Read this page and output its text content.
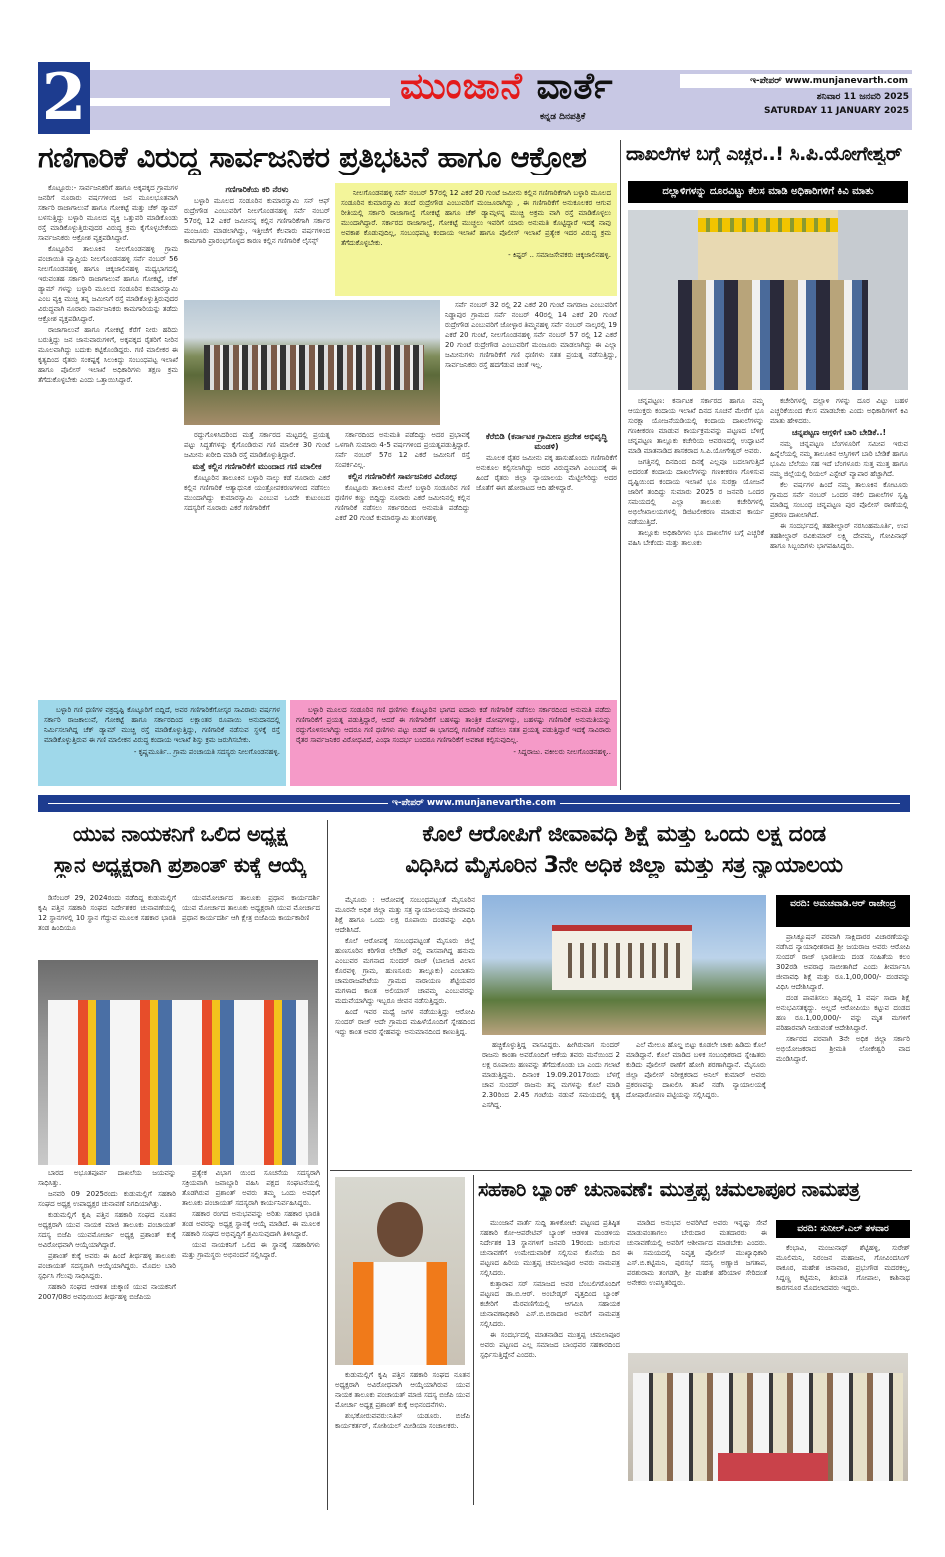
2	ಮುಂಜಾನೆ ವಾರ್ತೆ
ಕನ್ನಡ ದಿನಪತ್ರಿಕೆ
ಇ-ಪೇಪರ್ www.munjanevarth.com
ಶನಿವಾರ 11 ಜನವರಿ 2025
SATURDAY 11 JANUARY 2025
ಗಣಿಗಾರಿಕೆ ವಿರುದ್ಧ ಸಾರ್ವಜನಿಕರ ಪ್ರತಿಭಟನೆ ಹಾಗೂ ಆಕ್ರೋಶ

ಕೊಟ್ಟೂರು:- ಸಾರ್ವಜನಿಕರಿಗೆ ಹಾಗೂ ಅಕ್ಕಪಕ್ಕದ ಗ್ರಾಮಗಳ ಜನರಿಗೆ ನೂರಾರು ವರ್ಷಗಳಿಂದ ಜನ ಮೂಲಭೂತವಾಗಿ ಸರ್ಕಾರಿ ರಾಜಾಗಾಲುವೆ ಹಾಗೂ ಗೋಕಟ್ಟೆ ಮತ್ತು ಚೆಕ್ ಡ್ಯಾಮ್ ಬಳಸುತ್ತಿದ್ದು ಬಳ್ಳಾರಿ ಮೂಲದ ವ್ಯಕ್ತಿ ಒತ್ತುವರಿ ಮಾಡಿಕೊಂಡು ರಸ್ತೆ ಮಾಡಿಕೊಳ್ಳುತ್ತಿರುವುದರ ವಿರುದ್ಧ ಕ್ರಮ ಕೈಗೊಳ್ಳಬೇಕೆಂದು ಸಾರ್ವಜನಿಕರು ಆಕ್ರೋಶ ವ್ಯಕ್ತಪಡಿಸಿದ್ದಾರೆ.

ಕೊಟ್ಟೂರಿನ ತಾಲೂಕಿನ ನೀಲಗೊಂಡನಹಳ್ಳಿ ಗ್ರಾಮ ಪಂಚಾಯಿತಿ ವ್ಯಾಪ್ತಿಯ ನೀಲಗೊಂಡನಹಳ್ಳಿ ಸರ್ವೆ ನಂಬರ್ 56 ನೀಲಗೊಂಡನಹಳ್ಳಿ ಹಾಗೂ ಚಿಕ್ಕಜಾಲಿನಹಳ್ಳಿ ಮಧ್ಯಭಾಗದಲ್ಲಿ ಇರುವಂತಹ ಸರ್ಕಾರಿ ರಾಜಾಗಾಲುವೆ ಹಾಗೂ ಗೋಕಟ್ಟೆ, ಚೆಕ್ ಡ್ಯಾಮ್ ಗಳನ್ನು ಬಳ್ಳಾರಿ ಮೂಲದ ಸಂಡೂರಿನ ಕುಮಾರಸ್ವಾಮಿ ಎಂಬ ವ್ಯಕ್ತಿ ಮುಚ್ಚಿ ತನ್ನ ಜಮೀನಿಗೆ ರಸ್ತೆ ಮಾಡಿಕೊಳ್ಳುತ್ತಿರುವುದರ ವಿರುದ್ಧವಾಗಿ ನೂರಾರು ಸಾರ್ವಜನಿಕರು ಕಾಮಗಾರಿಯನ್ನು ತಡೆದು ಆಕ್ರೋಶ ವ್ಯಕ್ತಪಡಿಸಿದ್ದಾರೆ.

ರಾಜಾಗಾಲುವೆ ಹಾಗೂ ಗೋಕಟ್ಟೆ ಕೆರೆಗೆ ನೀರು ಹರಿದು ಬರುತ್ತಿದ್ದು ಜನ ಜಾನುವಾರುಗಳಿಗೆ, ಅಕ್ಕಪಕ್ಕದ ರೈತರಿಗೆ ನೀರಿನ ಮೂಲವಾಗಿದ್ದು ಬದುಕು ಕಟ್ಟಿಕೊಂಡಿದ್ದರು. ಗಣಿ ಮಾಲೀಕರ ಈ ಕೃತ್ಯದಿಂದ ರೈತರು ಸಂಕಷ್ಟಕ್ಕೆ ಸಿಲುಕಿದ್ದು ಸಂಬಂಧಪಟ್ಟ ಇಲಾಖೆ ಹಾಗೂ ಪೊಲೀಸ್ ಇಲಾಖೆ ಅಧಿಕಾರಿಗಳು ತಕ್ಷಣ ಕ್ರಮ ತೆಗೆದುಕೊಳ್ಳಬೇಕು ಎಂದು ಒತ್ತಾಯಿಸಿದ್ದಾರೆ.

ಗಣಿಗಾರಿಕೆಯ ಕರಿ ನೆರಳು

ಬಳ್ಳಾರಿ ಮೂಲದ ಸಂಡೂರಿನ ಕುಮಾರಸ್ವಾಮಿ ಸನ್ ಆಫ್ ರುದ್ರೇಗೌಡ ಎಂಬುವರಿಗೆ ನೀಲಗೊಂಡನಹಳ್ಳಿ ಸರ್ವೆ ನಂಬರ್ 57ರಲ್ಲಿ 12 ಎಕರೆ ಜಮೀನನ್ನ ಕಲ್ಲಿನ ಗಣಿಗಾರಿಕೆಗಾಗಿ ಸರ್ಕಾರ ಮಂಜೂರು ಮಾಡಲಾಗಿದ್ದು, ಇತ್ತೀಚೆಗೆ ಕೆಲವಾರು ವರ್ಷಗಳಿಂದ ಕಾಮಗಾರಿ ಪ್ರಾರಂಭಗೊಳ್ಳದ ಕಾರಣ ಕಲ್ಲಿನ ಗಣಿಗಾರಿಕೆ ಲೈಸನ್ಸ್

ನೀಲಗೊಂಡನಹಳ್ಳಿ ಸರ್ವೆ ನಂಬರ್ 57ರಲ್ಲಿ 12 ಎಕರೆ 20 ಗುಂಟೆ ಜಮೀನು ಕಲ್ಲಿನ ಗಣಿಗಾರಿಕೆಗಾಗಿ ಬಳ್ಳಾರಿ ಮೂಲದ ಸಂಡೂರಿನ ಕುಮಾರಸ್ವಾಮಿ ತಂದೆ ರುದ್ರೇಗೌಡ ಎಂಬುವರಿಗೆ ಮಂಜೂರಾಗಿದ್ದು , ಈ ಗಣಿಗಾರಿಕೆಗೆ ಅನುಕೂಲಕರ ಆಗುವ ರೀತಿಯಲ್ಲಿ ಸರ್ಕಾರಿ ರಾಜಾಗಾಲ್ವೆ ಗೋಕಟ್ಟೆ ಹಾಗೂ ಚೆಕ್ ಡ್ಯಾಮ್ಗಳನ್ನ ಮುಚ್ಚಿ ಅಕ್ರಮ ವಾಗಿ ರಸ್ತೆ ಮಾಡಿಕೊಳ್ಳಲು ಮುಂದಾಗಿದ್ದಾರೆ. ಸರ್ಕಾರದ ರಾಜಾಗಾಲ್ವೆ, ಗೋಕಟ್ಟೆ ಮುಚ್ಚಲು ಇವರಿಗೆ ಯಾರು ಅನುಮತಿ ಕೊಟ್ಟಿದ್ದಾರೆ ಇದಕ್ಕೆ ನಾವು ಅವಕಾಶ ಕೊಡುವುದಿಲ್ಲ, ಸಂಬಂಧಪಟ್ಟ ಕಂದಾಯ ಇಲಾಖೆ ಹಾಗೂ ಪೊಲೀಸ್ ಇಲಾಖೆ ಪ್ರತ್ಯೇಕ ಇದರ ವಿರುದ್ಧ ಕ್ರಮ ತೆಗೆದುಕೊಳ್ಳಬೇಕು.

- ಕಿಷ್ಟರ್ .. ಸಮಾಜಸೇವಕರು ಚಿಕ್ಕಜಾಲಿನಹಳ್ಳಿ.

ಸರ್ವೆ ನಂಬರ್ 32 ರಲ್ಲಿ 22 ಎಕರೆ 20 ಗುಂಟೆ ನಾಗರಾಜ ಎಂಬುವರಿಗೆ ನಿಡ್ಡಾಪುರ ಗ್ರಾಮದ ಸರ್ವೆ ನಂಬರ್ 40ರಲ್ಲಿ 14 ಎಕರೆ 20 ಗುಂಟೆ ರುದ್ರೇಗೌಡ ಎಂಬುವರಿಗೆ ಜೋಳ್ಳಾರ ತಿಮ್ಮನಹಳ್ಳಿ ಸರ್ವೆ ನಂಬರ್ ನಾಲ್ಕರಲ್ಲಿ 19 ಎಕರೆ 20 ಗುಂಟೆ, ನೀಲಗೊಂಡನಹಳ್ಳಿ ಸರ್ವೆ ನಂಬರ್ 57 ರಲ್ಲಿ 12 ಎಕರೆ 20 ಗುಂಟೆ ರುದ್ರೇಗೌಡ ಎಂಬುವರಿಗೆ ಮಂಜೂರು ಮಾಡಲಾಗಿದ್ದು ಈ ಎಲ್ಲಾ ಜಮೀನುಗಳು ಗಣಿಗಾರಿಕೆಗೆ ಗಣಿ ಧಣಿಗಳು ಸತತ ಪ್ರಯತ್ನ ನಡೆಸುತ್ತಿದ್ದು, ಸಾರ್ವಜನಿಕರು ರಸ್ತೆ ಹದಗೆಡುವ ಚಿಂತೆ ಇಲ್ಲ.

ರದ್ದುಗೊಳಿಸಿದರಿಂದ ಮತ್ತೆ ಸರ್ಕಾರದ ಮಟ್ಟದಲ್ಲಿ ಪ್ರಯತ್ನ ಪಟ್ಟು ಸಿದ್ಧತೆಗಳನ್ನು ಕೈಗೊಂಡಿರುವ ಗಣಿ ಮಾಲೀಕ 30 ಗುಂಟೆ ಜಮೀನು ಖರೀದಿ ಮಾಡಿ ರಸ್ತೆ ಮಾಡಿಕೊಳ್ಳುತ್ತಿದ್ದಾರೆ.

ಮತ್ತೆ ಕಲ್ಲಿನ ಗಣಿಗಾರಿಕೆಗೆ ಮುಂದಾದ ಗಣಿ ಮಾಲೀಕ

ಕೊಟ್ಟೂರಿನ ತಾಲೂಕಿನ ಬಳ್ಳಾರಿ ನಾಲ್ಕು ಕಡೆ ನೂರಾರು ಎಕರೆ ಕಲ್ಲಿನ ಗಣಿಗಾರಿಕೆ ಆತ್ಯಾಧುನಿಕ ಯಂತ್ರೋಪಕರಣಗಳಿಂದ ನಡೆಸಲು ಮುಂದಾಗಿದ್ದು ಕುಮಾರಸ್ವಾಮಿ ಎಂಬುವ ಒಂದೇ ಕುಟುಂಬದ ಸದಸ್ಯರಿಗೆ ನೂರಾರು ಎಕರೆ ಗಣಿಗಾರಿಕೆಗೆ

ಸರ್ಕಾರದಿಂದ ಅನುಮತಿ ಪಡೆದಿದ್ದು ಅದರ ಪ್ರಭಾವಕ್ಕೆ ಒಳಗಾಗಿ ಸುಮಾರು 4-5 ವರ್ಷಗಳಿಂದ ಪ್ರಯತ್ನಪಡುತ್ತಿದ್ದಾರೆ. ಸರ್ವೆ ನಂಬರ್ 57ರ 12 ಎಕರೆ ಜಮೀನಿಗೆ ರಸ್ತೆ ಸಂಪರ್ಕವಿಲ್ಲ.

ಕಲ್ಲಿನ ಗಣಿಗಾರಿಕೆಗೆ ಸಾರ್ವಜನಿಕರ ವಿರೋಧ

ಕೊಟ್ಟೂರು ತಾಲೂಕಿನ ಮೇಲೆ ಬಳ್ಳಾರಿ ಸಂಡೂರಿನ ಗಣಿ ಧಣಿಗಳ ಕಣ್ಣು ಬಿದ್ದಿದ್ದು ನೂರಾರು ಎಕರೆ ಜಮೀನಿನಲ್ಲಿ ಕಲ್ಲಿನ ಗಣಿಗಾರಿಕೆ ನಡೆಸಲು ಸರ್ಕಾರದಿಂದ ಅನುಮತಿ ಪಡೆದಿದ್ದು ಎಕರೆ 20 ಗುಂಟೆ ಕುಮಾರಸ್ವಾಮಿ ತುಂಗಳಹಳ್ಳಿ

ಕೆರೆಬಿಡಿ (ಕರ್ನಾಟಕ ಗ್ರಾಮೀಣ ಪ್ರದೇಶ ಅಭಿವೃದ್ಧಿ ಮಂಡಳಿ)

ಮೂಲಕ ರೈತರ ಜಮೀನು ಪಕ್ಕ ಹಾಸುಹೊಂದು ಗಣಿಗಾರಿಕೆಗೆ ಅನುಕೂಲ ಕಲ್ಪಿಸಲಾಗಿದ್ದು ಅದರ ವಿರುದ್ಧವಾಗಿ ಎಂಬುದಕ್ಕೆ ಈ ಹಿಂದೆ ರೈತರು ಜಿಲ್ಲಾ ನ್ಯಾಯಾಲಯ ಮೆಟ್ಟಿಲೇರಿದ್ದು ಅದರ ಜೊತೆಗೆ ಈಗ ಹೋರಾಟದ ಆದಿ ಹೇಳಿದ್ದಾರೆ.

ಬಳ್ಳಾರಿ ಗಣಿ ಧಣಿಗಳ ವಕ್ರದೃಷ್ಟಿ ಕೊಟ್ಟೂರಿಗೆ ಬಿದ್ದಿದೆ, ಅವರ ಗಣಿಗಾರಿಕೆಗೋಸ್ಕರ ಸಾವಿರಾರು ವರ್ಷಗಳ ಸರ್ಕಾರಿ ರಾಜಕಾಲುವೆ, ಗೋಕಟ್ಟೆ ಹಾಗೂ ಸರ್ಕಾರದಿಂದ ಲಕ್ಷಾಂತರ ರೂಪಾಯಿ ಅನುದಾನದಲ್ಲಿ ನಿರ್ಮಿಸಲಾಗಿದ್ದ ಚೆಕ್ ಡ್ಯಾಮ್ ಮುಚ್ಚಿ ರಸ್ತೆ ಮಾಡಿಕೊಳ್ಳುತ್ತಿದ್ದು, ಗಣಿಗಾರಿಕೆ ನಡೆಸುವ ಸ್ಥಳಕ್ಕೆ ರಸ್ತೆ ಮಾಡಿಕೊಳ್ಳುತ್ತಿರುವ ಈ ಗಣಿ ಮಾಲೀಕನ ವಿರುದ್ಧ ಕಂದಾಯ ಇಲಾಖೆ ಶಿಸ್ತು ಕ್ರಮ ಜರುಗಿಸಬೇಕು.

- ಕೃಷ್ಣಮೂರ್ತಿ.. ಗ್ರಾಮ ಪಂಚಾಯತಿ ಸದಸ್ಯರು ನೀಲಗೊಂಡನಹಳ್ಳಿ.

ಬಳ್ಳಾರಿ ಮೂಲದ ಸಂಡೂರಿನ ಗಣಿ ಧಣಿಗಳು ಕೊಟ್ಟೂರಿನ ಭಾಗದ ಐದಾರು ಕಡೆ ಗಣಿಗಾರಿಕೆ ನಡೆಸಲು ಸರ್ಕಾರದಿಂದ ಅನುಮತಿ ಪಡೆದು ಗಣಿಗಾರಿಕೆಗೆ ಪ್ರಯತ್ನ ಪಡುತ್ತಿದ್ದಾರೆ, ಆದರೆ ಈ ಗಣಿಗಾರಿಕೆಗೆ ಬಹಳಷ್ಟು ತಾಂತ್ರಿಕ ದೋಷಗಳಿದ್ದು, ಬಹಳಷ್ಟು ಗಣಿಗಾರಿಕೆ ಅನುಮತಿಯನ್ನು ರದ್ದುಗೊಳಿಸಲಾಗಿದ್ದು ಆದರೂ ಗಣಿ ಧಣಿಗಳು ಪಟ್ಟು ಬಿಡದೆ ಈ ಭಾಗದಲ್ಲಿ ಗಣಿಗಾರಿಕೆ ನಡೆಸಲು ಸತತ ಪ್ರಯತ್ನ ಪಡುತ್ತಿದ್ದಾರೆ ಇದಕ್ಕೆ ಸಾವಿರಾರು ರೈತರ ಸಾರ್ವಜನಿಕರ ವಿರೋಧವಿದೆ, ಎಂಥಾ ಸಂದರ್ಭ ಬಂದರೂ ಗಣಿಗಾರಿಕೆಗೆ ಅವಕಾಶ ಕಲ್ಪಿಸುವುದಿಲ್ಲ.

- ಸಿದ್ದರಾಜು. ವಕೀಲರು ನೀಲಗೊಂಡನಹಳ್ಳಿ..

ದಾಖಲೆಗಳ ಬಗ್ಗೆ ಎಚ್ಚರ..! ಸಿ.ಪಿ.ಯೋಗೇಶ್ವರ್
ದಲ್ಲಾಳಿಗಳನ್ನು ದೂರವಿಟ್ಟು ಕೆಲಸ ಮಾಡಿ ಅಧಿಕಾರಿಗಳಿಗೆ ಕಿವಿ ಮಾತು

ಚನ್ನಪಟ್ಟಣ: ಕರ್ನಾಟಕ ಸರ್ಕಾರದ ಹಾಗೂ ನಮ್ಮ ಆಯುಕ್ತರು ಕಂದಾಯ ಇಲಾಖೆ ದಿನದ ಸೂಚನೆ ಮೇರೆಗೆ ಭೂ ಸುರಕ್ಷಾ ಯೋಜನೆಯಡಿಯಲ್ಲಿ ಕಂದಾಯ ದಾಖಲೆಗಳನ್ನು ಗಣಕೀಕರಣ ಮಾಡುವ ಕಾರ್ಯಕ್ರಮವನ್ನು ಪಟ್ಟಣದ ಬೆಳಿಗ್ಗೆ ಚನ್ನಪಟ್ಟಣ ತಾಲ್ಲೂಕು ಕಚೇರಿಯ ಆವರಣದಲ್ಲಿ ಉದ್ಘಾಟನೆ ಮಾಡಿ ಮಾತನಾಡಿದ ಶಾಸಕರಾದ ಸಿ.ಪಿ.ಯೋಗೇಶ್ವರ್ ಅವರು.

ಜಗತ್ತಿನಲ್ಲಿ ದಿನದಿಂದ ದಿನಕ್ಕೆ ಎಲ್ಲವೂ ಬದಲಾಗುತ್ತಿದೆ ಅದರಂತೆ ಕಂದಾಯ ದಾಖಲೆಗಳನ್ನು ಗಣಕೀಕರಣ ಗೊಳಿಸುವ ದೃಷ್ಟಿಯಿಂದ ಕಂದಾಯ ಇಲಾಖೆ ಭೂ ಸುರಕ್ಷಾ ಯೋಜನೆ ಜಾರಿಗೆ ತಂದಿದ್ದು ಸುಮಾರು 2025 ರ ಜನವರಿ ಒಂದರ ಸಮಯದಲ್ಲಿ ಎಲ್ಲಾ ತಾಲೂಕು ಕಚೇರಿಗಳಲ್ಲಿ ಅಭಿಲೇಖಾಲಯಗಳಲ್ಲಿ ಡಿಜಿಟಲೀಕರಣ ಮಾಡುವ ಕಾರ್ಯ ನಡೆಯುತ್ತಿದೆ.

ತಾಲ್ಲೂಕು ಅಧಿಕಾರಿಗಳು ಭೂ ದಾಖಲೆಗಳ ಬಗ್ಗೆ ಎಚ್ಚರಿಕೆ ವಹಿಸಿ ಬೇಕೆಂದು ಮತ್ತು ತಾಲೂಕು

ಕಚೇರಿಗಳಲ್ಲಿ ದಲ್ಲಾಳಿ ಗಳನ್ನು ದೂರ ವಿಟ್ಟು ಬಹಳ ಎಚ್ಚರಿಕೆಯಿಂದ ಕೆಲಸ ಮಾಡಬೇಕು ಎಂದು ಅಧಿಕಾರಿಗಳಿಗೆ ಕಿವಿ ಮಾತು ಹೇಳಿದರು.

ಚನ್ನಪಟ್ಟಣ ಆಗ್ಗಳಿಗೆ ಬಾರಿ ಬೇಡಿಕೆ..!

ನಮ್ಮ ಚನ್ನಪಟ್ಟಣ ಬೆಂಗಳೂರಿಗೆ ಸಮೀಪ ಇರುವ ಹಿನ್ನೆಲೆಯಲ್ಲಿ ನಮ್ಮ ತಾಲೂಕಿನ ಆಸ್ತಿಗಳಿಗೆ ಬಾರಿ ಬೇಡಿಕೆ ಹಾಗೂ ಭೂಮಿ ಬೆಲೆಯು ಸಹ ಇದೆ ಬೆಂಗಳೂರು ಸುತ್ತ ಮುತ್ತ ಹಾಗೂ ನಮ್ಮ ಜಿಲ್ಲೆಯಲ್ಲಿ ರಿಯಲ್ ಎಸ್ಟೇಟ್ ವ್ಯಾಪಾರ ಹೆಚ್ಚಾಗಿದೆ.

ಕೆಲ ವರ್ಷಗಳ ಹಿಂದೆ ನಮ್ಮ ತಾಲೂಕಿನ ಕೋಟೂರು ಗ್ರಾಮದ ಸರ್ವೆ ನಂಬರ್ ಒಂದರ ನಕಲಿ ದಾಖಲೆಗಳ ಸೃಷ್ಟಿ ಮಾಡಿದ್ದ ಸಂಬಂಧ ಚನ್ನಪಟ್ಟಣ ಪುರ ಪೊಲೀಸ್ ಠಾಣೆಯಲ್ಲಿ ಪ್ರಕರಣ ದಾಖಲಾಗಿದೆ.

ಈ ಸಂದರ್ಭದಲ್ಲಿ ತಹಶೀಲ್ದಾರ್ ನರಸಿಂಹಮೂರ್ತಿ, ಉಪ ತಹಶೀಲ್ದಾರ್ ರವಿಕುಮಾರ್ ಲಕ್ಷ್ಮಿ ದೇವಮ್ಮ, ಗೋಪಿನಾಥ್ ಹಾಗೂ ಸಿಬ್ಬಂದಿಗಳು ಭಾಗವಹಿಸಿದ್ದರು.

ಇ-ಪೇಪರ್ www.munjanevarthe.com
ಯುವ ನಾಯಕನಿಗೆ ಒಲಿದ ಅಧ್ಯಕ್ಷ
ಸ್ಥಾನ ಅಧ್ಯಕ್ಷರಾಗಿ ಪ್ರಶಾಂತ್ ಕುಕ್ಕೆ ಆಯ್ಕೆ

ಡಿಸೆಂಬರ್ 29, 2024ರಂದು ನಡೆದಿದ್ದ ಕುಡುಮಲ್ಲಿಗೆ ಕೃಷಿ ಪತ್ತಿನ ಸಹಕಾರಿ ಸಂಘದ ನಿರ್ದೇಶಕರ ಚುನಾವಣೆಯಲ್ಲಿ 12 ಸ್ಥಾನಗಳಲ್ಲಿ 10 ಸ್ಥಾನ ಗೆದ್ದುವ ಮೂಲಕ ಸಹಕಾರ ಭಾರತಿ ತಂಡ ಹಿಂದಿಯೂ

ಯುವಮೋರ್ಚಾದ ತಾಲೂಕು ಪ್ರಧಾನ ಕಾರ್ಯದರ್ಶಿ ಯುವ ಮೋರ್ಚಾದ ತಾಲೂಕು ಅಧ್ಯಕ್ಷರಾಗಿ ಯುವ ಮೋರ್ಚಾದ ಪ್ರಧಾನ ಕಾರ್ಯದರ್ಶಿ ಆಗಿ ಕ್ಷೇತ್ರ ಬಿಜೆಪಿಯ ಕಾರ್ಯಕಾರಿಣಿ

ಬಾರದ ಅಭೂತಪೂರ್ವ ದಾಖಲೆಯ ಜಯವನ್ನು ಸಾಧಿಸಿತ್ತು.

ಜನವರಿ 09 2025ರಂದು ಕುಡುಮಲ್ಲಿಗೆ ಸಹಕಾರಿ ಸಂಘದ ಅಧ್ಯಕ್ಷ ಉಪಾಧ್ಯಕ್ಷರ ಚುನಾವಣೆ ನಿಗದಿಯಾಗಿತ್ತು.

ಕುಡುಮಲ್ಲಿಗೆ ಕೃಷಿ ಪತ್ತಿನ ಸಹಕಾರಿ ಸಂಘದ ನೂತನ ಅಧ್ಯಕ್ಷರಾಗಿ ಯುವ ನಾಯಕ ಮಾಜಿ ತಾಲೂಕು ಪಂಚಾಯತ್ ಸದಸ್ಯ ಬಿಜೆಪಿ ಯುವಮೋರ್ಚಾ ಅಧ್ಯಕ್ಷ ಪ್ರಶಾಂತ್ ಕುಕ್ಕೆ ಅವಿರೋಧವಾಗಿ ಆಯ್ಕೆಯಾಗಿದ್ದಾರೆ.

ಪ್ರಶಾಂತ್ ಕುಕ್ಕೆ ಅವರು ಈ ಹಿಂದೆ ತೀರ್ಥಹಳ್ಳಿ ತಾಲೂಕು ಪಂಚಾಯತ್ ಸದಸ್ಯರಾಗಿ ಆಯ್ಕೆಯಾಗಿದ್ದರು. ಮೊದಲ ಬಾರಿ ಸ್ಪರ್ಧಿಸಿ ಗೆಲುವು ಸಾಧಿಸಿದ್ದರು.

ಸಹಕಾರಿ ಸಂಘದ ಆಡಳಿತ ಚುಕ್ಕಾಣಿ ಯುವ ನಾಯಕನಿಗೆ 2007/08ರ ಅವಧಿಯಿಂದ ತೀರ್ಥಹಳ್ಳಿ ಬಿಜೆಪಿಯ

ಪ್ರತ್ಯೇಕ ವಿಭಾಗ ಯಿಂದ ಸೂಚನೆಯ ಸದಸ್ಯರಾಗಿ ಸಕ್ರಿಯವಾಗಿ ಜವಾಬ್ದಾರಿ ವಹಿಸಿ ಪಕ್ಷದ ಸಂಘಟನೆಯಲ್ಲಿ ತೊಡಗಿರುವ ಪ್ರಶಾಂತ್ ಅವರು ತಮ್ಮ ಒಂದು ಅವಧಿಗೆ ತಾಲೂಕು ಪಂಚಾಯತ್ ಸದಸ್ಯರಾಗಿ ಕಾರ್ಯನಿರ್ವಹಿಸಿದ್ದರು.

ಸಹಕಾರ ರಂಗದ ಅನುಭವವನ್ನು ಅರಿತು ಸಹಕಾರ ಭಾರತಿ ತಂಡ ಅವರನ್ನು ಅಧ್ಯಕ್ಷ ಸ್ಥಾನಕ್ಕೆ ಆಯ್ಕೆ ಮಾಡಿದೆ. ಈ ಮೂಲಕ ಸಹಕಾರಿ ಸಂಘದ ಅಭಿವೃದ್ಧಿಗೆ ಶ್ರಮಿಸುವುದಾಗಿ ತಿಳಿಸಿದ್ದಾರೆ.

ಯುವ ನಾಯಕನಿಗೆ ಒಲಿದ ಈ ಸ್ಥಾನಕ್ಕೆ ಸಹಕಾರಿಗಳು ಮತ್ತು ಗ್ರಾಮಸ್ಥರು ಅಭಿನಂದನೆ ಸಲ್ಲಿಸಿದ್ದಾರೆ.

ಕೊಲೆ ಆರೋಪಿಗೆ ಜೀವಾವಧಿ ಶಿಕ್ಷೆ ಮತ್ತು ಒಂದು ಲಕ್ಷ ದಂಡ
ವಿಧಿಸಿದ ಮೈಸೂರಿನ 3ನೇ ಅಧಿಕ ಜಿಲ್ಲಾ ಮತ್ತು ಸತ್ರ ನ್ಯಾಯಾಲಯ

ಮೈಸೂರು : ಆರೋಪಕ್ಕೆ ಸಂಬಂಧಪಟ್ಟಂತೆ ಮೈಸೂರಿನ ಮೂರನೇ ಅಧಿಕ ಜಿಲ್ಲಾ ಮತ್ತು ಸತ್ರ ನ್ಯಾಯಾಲಯವು ಜೀವಾವಧಿ ಶಿಕ್ಷೆ ಹಾಗೂ ಒಂದು ಲಕ್ಷ ರೂಪಾಯಿ ದಂಡವನ್ನು ವಿಧಿಸಿ ಆದೇಶಿಸಿದೆ.

ಕೊಲೆ ಆರೋಪಕ್ಕೆ ಸಂಬಂಧಪಟ್ಟಂತೆ ಮೈಸೂರು ಜಿಲ್ಲೆ ಹುಣಸೂರಿನ ಕರಿಗೌಡ ಲೇಔಟ್ ನಲ್ಲಿ ವಾಸವಾಗಿದ್ದ ಹನುಮ ಎಂಬುವರ ಮಗನಾದ ಸುಂದರ್ ರಾಜ್ (ಬಾಲಾಜಿ ವಿಲಾಸ ಕೊರವಳ್ಳಿ ಗ್ರಾಮ, ಹುಣಸೂರು ತಾಲ್ಲೂಕು) ಎಂಬಾತನು ಚಾಮರಾಜಪೇಟೆಯ ಗ್ರಾಮದ ನಾರಾಯಣ ಶೆಟ್ಟಿಯವರ ಮಗಳಾದ ಕಾಂತ ಅಲಿಯಾಸ್ ಚಾವಮ್ಮ ಎಂಬುವರನ್ನು ಮದುವೆಯಾಗಿದ್ದು ಇಬ್ಬರೂ ಜೀವನ ನಡೆಸುತ್ತಿದ್ದರು.

ಹಿಂದೆ ಇವರ ಮಧ್ಯೆ ಜಗಳ ನಡೆಯುತ್ತಿದ್ದು ಆರೋಪಿ ಸುಂದರ್ ರಾಜ್ ಆದೇ ಗ್ರಾಮದ ಮಹಿಳೆಯೊಂದಿಗೆ ಸ್ನೇಹದಿಂದ ಇದ್ದು ಕಾಂತ ಅವರ ಸ್ನೇಹವನ್ನು ಅನುಮಾನದಿಂದ ಕಾಣುತ್ತಿದ್ದ.

ಹಚ್ಚಿಕೊಳ್ಳುತ್ತಿದ್ದ ವಾಸವಿದ್ದರು. ಹೀಗಿರುವಾಗ ಸುಂದರ್ ರಾಜನು ಕಾಂತಾ ಅವರೊಂದಿಗೆ ಆಕೆಯ ತವರು ಮನೆಯಿಂದ 2 ಲಕ್ಷ ರೂಪಾಯಿ ಹಣವನ್ನು ತೆಗೆದುಕೊಂಡು ಬಾ ಎಂದು ಗಲಾಟೆ ಮಾಡುತ್ತಿದ್ದನು. ದಿನಾಂಕ 19.09.2017ರಂದು ಬೆಳಗ್ಗೆ ಚಾವ ಸುಂದರ್ ರಾಜನು ತನ್ನ ಮಗಳನ್ನು ಕೊಲೆ ಮಾಡಿ 2.30ರಿಂದ 2.45 ಗಂಟೆಯ ನಡುವೆ ಸಮಯದಲ್ಲಿ ಕೃತ್ಯ ಎಸಗಿದ್ದ.

ಎಲೆ ಮೇಲೂ ಹೊಲ್ಡ ಬಿಟ್ಟು ಕೂಡಲೇ ಚಾಕು ಹಿಡಿದು ಕೊಲೆ ಮಾಡಿದ್ದಾನೆ. ಕೊಲೆ ಮಾಡಿದ ಬಳಿಕ ಸಂಬಂಧಿಕರಾದ ಸ್ನೇಹಿತರು ಕುಡಿದು ಪೊಲೀಸ್ ಠಾಣೆಗೆ ಹೋಗಿ ಶರಣಾಗಿದ್ದಾನೆ. ಮೈಸೂರು ಜಿಲ್ಲಾ ಪೊಲೀಸ್ ನಿರೀಕ್ಷಕರಾದ ಅನಿಲ್ ಕುಮಾರ್ ಅವರು ಪ್ರಕರಣವನ್ನು ದಾಖಲಿಸಿ ತನಿಖೆ ನಡೆಸಿ ನ್ಯಾಯಾಲಯಕ್ಕೆ ದೋಷಾರೋಪಣ ಪಟ್ಟಿಯನ್ನು ಸಲ್ಲಿಸಿದ್ದರು.

ವರದಿ: ಅಮಚವಾಡಿ.ಆರ್ ರಾಜೇಂದ್ರ

ಪ್ರಾಸಿಕ್ಯೂಷನ್ ಪರವಾಗಿ ಸಾಕ್ಷಿದಾರರ ವಿಚಾರಣೆಯನ್ನು ನಡೆಸಿದ ನ್ಯಾಯಾಧೀಶರಾದ ಶ್ರೀ ಜಯರಾಜ ಅವರು ಆರೋಪಿ ಸುಂದರ್ ರಾಜ್ ಭಾರತೀಯ ದಂಡ ಸಂಹಿತೆಯ ಕಲಂ 302ರಡಿ ಅಪರಾಧ ಸಾಬೀತಾಗಿದೆ ಎಂದು ತೀರ್ಮಾನಿಸಿ ಜೀವಾವಧಿ ಶಿಕ್ಷೆ ಮತ್ತು ರೂ.1,00,000/- ದಂಡವನ್ನು ವಿಧಿಸಿ ಆದೇಶಿಸಿದ್ದಾರೆ.

ದಂಡ ಪಾವತಿಸಲು ತಪ್ಪಿದಲ್ಲಿ 1 ವರ್ಷ ಸಾದಾ ಶಿಕ್ಷೆ ಅನುಭವಿಸತಕ್ಕದ್ದು. ಅಲ್ಲದೆ ಆರೋಪಿಯು ಕಟ್ಟುವ ದಂಡದ ಹಣ ರೂ.1,00,000/- ವನ್ನು ಮೃತ ಮಗಳಿಗೆ ಪರಿಹಾರವಾಗಿ ನೀಡುವಂತೆ ಆದೇಶಿಸಿದ್ದಾರೆ.

ಸರ್ಕಾರದ ಪರವಾಗಿ 3ನೇ ಅಧಿಕ ಜಿಲ್ಲಾ ಸರ್ಕಾರಿ ಅಭಿಯೋಜಕರಾದ ಶ್ರೀಮತಿ ಲೋಕೇಶ್ವರಿ ವಾದ ಮಂಡಿಸಿದ್ದಾರೆ.

ಕುಡುಮಲ್ಲಿಗೆ ಕೃಷಿ ಪತ್ತಿನ ಸಹಕಾರಿ ಸಂಘದ ನೂತನ ಅಧ್ಯಕ್ಷರಾಗಿ ಅವಿರೋಧವಾಗಿ ಆಯ್ಕೆಯಾಗಿರುವ ಯುವ ನಾಯಕ ತಾಲೂಕು ಪಂಚಾಯತ್ ಮಾಜಿ ಸದಸ್ಯ ಬಿಜೆಪಿ ಯುವ ಮೋರ್ಚಾ ಅಧ್ಯಕ್ಷ ಪ್ರಶಾಂತ್ ಕುಕ್ಕೆ ಅಭಿನಂದನೆಗಳು.

ಶುಭಕೋರುವವರು:ನಿತಿನ್ ಯಡೂರು. ಬಿಜೆಪಿ ಕಾರ್ಯಕರ್ತರ್, ಸೋಶಿಯಲ್ ಮೀಡಿಯಾ ಸಂಚಾಲಕರು.

ಸಹಕಾರಿ ಬ್ಯಾಂಕ್ ಚುನಾವಣೆ: ಮುತ್ತಪ್ಪ ಚಮಲಾಪೂರ ನಾಮಪತ್ರ

ಮುಂಜಾನೆ ವಾರ್ತೆ ಸುದ್ದಿ ತಾಳಿಕೋಟೆ: ಪಟ್ಟಣದ ಪ್ರತಿಷ್ಠಿತ ಸಹಕಾರಿ ಕೋ-ಆಪರೇಟಿವ್ ಬ್ಯಾಂಕ್ ಆಡಳಿತ ಮಂಡಳಿಯ ನಿರ್ದೇಶಕ 13 ಸ್ಥಾನಗಳಿಗೆ ಜನವರಿ 19ರಂದು ಜರುಗುವ ಚುನಾವಣೆಗೆ ಉಮೇದುವಾರಿಕೆ ಸಲ್ಲಿಸುವ ಕೊನೆಯ ದಿನ ಪಟ್ಟಣದ ಹಿರಿಯ ಮುತ್ತಪ್ಪ ಚಮಲಾಪೂರ ಅವರು ನಾಮಪತ್ರ ಸಲ್ಲಿಸಿದರು.

ಕುತ್ತಾರಾವ ಸರ್ ಸಮಾಜದ ಅವರ ಬೆಂಬಲಿಗರೊಂದಿಗೆ ಪಟ್ಟಣದ ಡಾ.ಬಿ.ಆರ್. ಅಂಬೇಡ್ಕರ್ ವೃತ್ತದಿಂದ ಬ್ಯಾಂಕ್ ಕಚೇರಿಗೆ ಮೆರವಣಿಗೆಯಲ್ಲಿ ಆಗಮಿಸಿ ಸಹಾಯಕ ಚುನಾವಣಾಧಿಕಾರಿ ಎಸ್.ಬಿ.ಬಿರಾದಾರ ಅವರಿಗೆ ನಾಮಪತ್ರ ಸಲ್ಲಿಸಿದರು.

ಈ ಸಂದರ್ಭದಲ್ಲಿ ಮಾತನಾಡಿದ ಮುತ್ತಪ್ಪ ಚಮಲಾಪೂರ ಅವರು ಪಟ್ಟಣದ ಎಲ್ಲ ಸಮಾಜದ ಬಾಂಧವರ ಸಹಕಾರದಿಂದ ಸ್ಪರ್ಧಿಸುತ್ತಿದ್ದೇನೆ ಎಂದರು.

ಮಾಡಿದ ಅನುಭವ ಅವರಿಗಿದೆ ಅವರು ಇನ್ನಷ್ಟು ಸೇವೆ ಮಾಡುವಂತಾಗಲು ಬೇರುದಾರ ಮತದಾರರು ಈ ಚುನಾವಣೆಯಲ್ಲಿ ಅವರಿಗೆ ಆಶೀರ್ವಾದ ಮಾಡಬೇಕು ಎಂದರು. ಈ ಸಮಯದಲ್ಲಿ ನಿವೃತ್ತ ಪೊಲೀಸ್ ಮುಖ್ಯಾಧಿಕಾರಿ ಎಸ್.ಬಿ.ಕಟ್ಟಿಮನಿ, ಪುರಸಭೆ ಸದಸ್ಯ ಅಣ್ಣಾಜಿ ಜಗತಾಪ, ಪರಶುರಾಮ ತಂಗಡಗಿ, ಶ್ರೀ ಮಹೇಶ ಹೆರಿಯಾಳ ಸೇರಿದಂತೆ ಅನೇಕರು ಉಪಸ್ಥಿತರಿದ್ದರು.

ವರದಿ: ಸುನೀಲ್.ಎಲ್ ತಳವಾರ

ಕೆಂಭಾವಿ, ಮಂಜುನಾಥ್ ಶೆಟ್ಟಿಹಳ್ಳಿ, ಸುರೇಶ್ ಮೂಲಿಮನಿ, ನಿರಂಜನ ಮಹಾಜನ, ಗೋವಿಂದಸಿಂಗ್ ಠಾಕೂರ, ಮಹೇಶ ಚಿನಾವಾರ, ಪ್ರಭುಗೌಡ ಮದರಕಲ್ಲ, ಸಿದ್ದಣ್ಣ ಕಟ್ಟಿಮನಿ, ತಿರುಪತಿ ಗೋಪಾಲ, ಕಾಶಿನಾಥ ಕಾರಗನೂರ ಮೊದಲಾದವರು ಇದ್ದರು.
